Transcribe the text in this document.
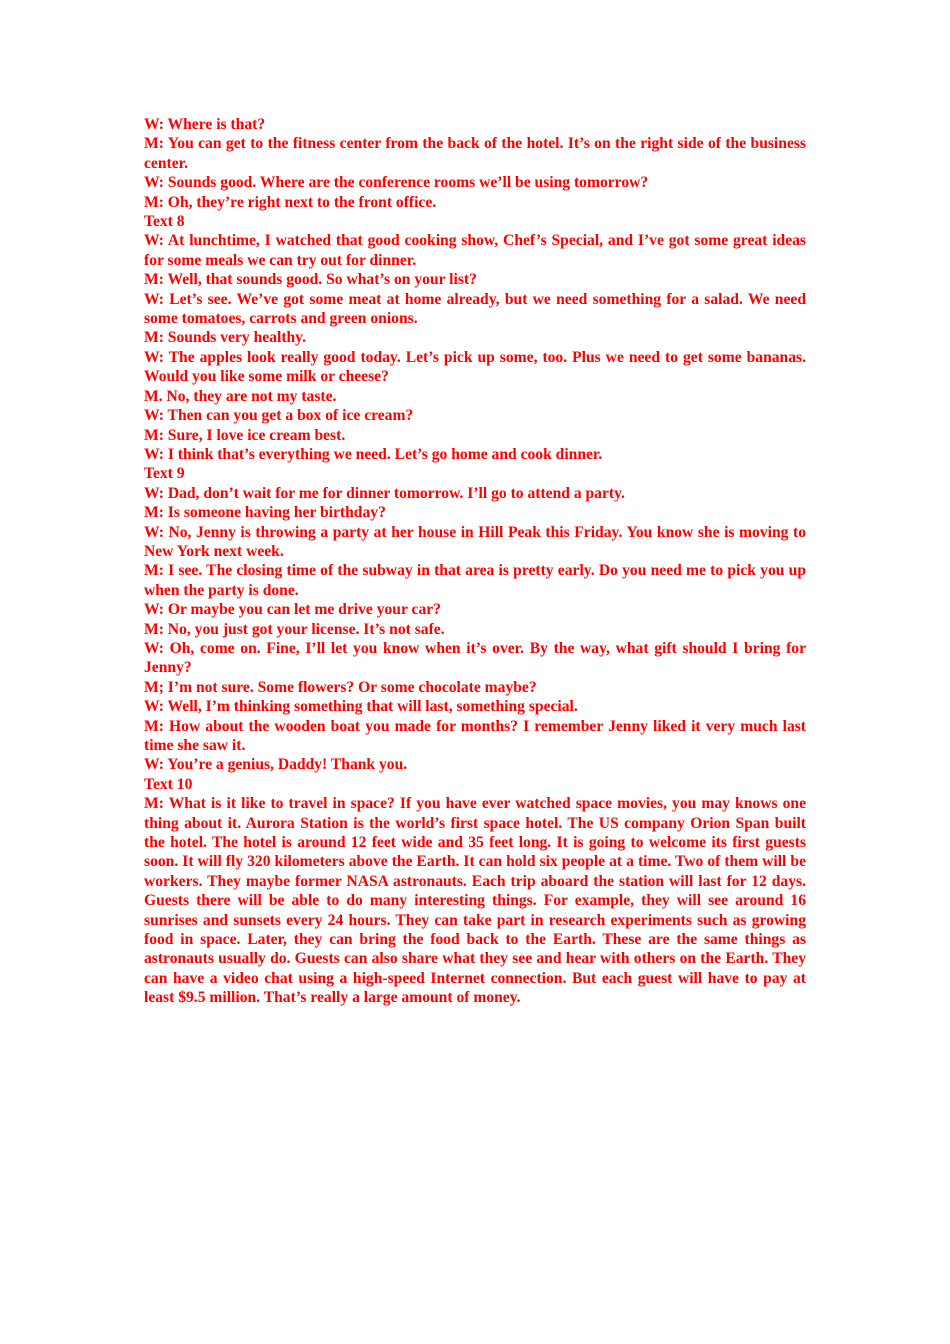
W: Where is that?

M: You can get to the fitness center from the back of the hotel. It’s on the right side of the business center.

W: Sounds good. Where are the conference rooms we’ll be using tomorrow?

M: Oh, they’re right next to the front office.

Text 8

W: At lunchtime, I watched that good cooking show, Chef’s Special, and I’ve got some great ideas for some meals we can try out for dinner.

M: Well, that sounds good. So what’s on your list?

W: Let’s see. We’ve got some meat at home already, but we need something for a salad. We need some tomatoes, carrots and green onions.

M: Sounds very healthy.

W: The apples look really good today. Let’s pick up some, too. Plus we need to get some bananas. Would you like some milk or cheese?

M. No, they are not my taste.

W: Then can you get a box of ice cream?

M: Sure, I love ice cream best.

W: I think that’s everything we need. Let’s go home and cook dinner.

Text 9

W: Dad, don’t wait for me for dinner tomorrow. I’ll go to attend a party.

M: Is someone having her birthday?

W: No, Jenny is throwing a party at her house in Hill Peak this Friday. You know she is moving to New York next week.

M: I see. The closing time of the subway in that area is pretty early. Do you need me to pick you up when the party is done.

W: Or maybe you can let me drive your car?

M: No, you just got your license. It’s not safe.

W: Oh, come on. Fine, I’ll let you know when it’s over. By the way, what gift should I bring for Jenny?

M; I’m not sure. Some flowers? Or some chocolate maybe?

W: Well, I’m thinking something that will last, something special.

M: How about the wooden boat you made for months? I remember Jenny liked it very much last time she saw it.

W: You’re a genius, Daddy! Thank you.

Text 10

M: What is it like to travel in space? If you have ever watched space movies, you may knows one thing about it. Aurora Station is the world’s first space hotel. The US company Orion Span built the hotel. The hotel is around 12 feet wide and 35 feet long. It is going to welcome its first guests soon. It will fly 320 kilometers above the Earth. It can hold six people at a time. Two of them will be workers. They maybe former NASA astronauts. Each trip aboard the station will last for 12 days. Guests there will be able to do many interesting things. For example, they will see around 16 sunrises and sunsets every 24 hours. They can take part in research experiments such as growing food in space. Later, they can bring the food back to the Earth. These are the same things as astronauts usually do. Guests can also share what they see and hear with others on the Earth. They can have a video chat using a high-speed Internet connection. But each guest will have to pay at least $9.5 million. That’s really a large amount of money.
